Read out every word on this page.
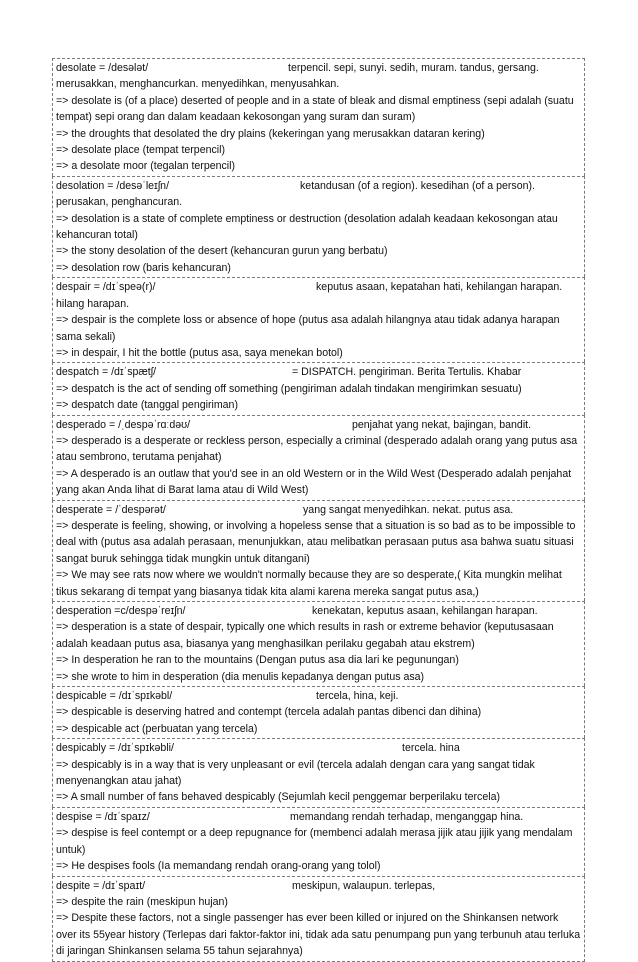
desolate = /desələt/	terpencil. sepi, sunyi. sedih, muram. tandus, gersang.
merusakkan, menghancurkan. menyedihkan, menyusahkan.

=> desolate is (of a place) deserted of people and in a state of bleak and dismal emptiness (sepi adalah (suatu tempat) sepi orang dan dalam keadaan kekosongan yang suram dan suram)

=> the droughts that desolated the dry plains (kekeringan yang merusakkan dataran kering)

=> desolate place (tempat terpencil)

=> a desolate moor (tegalan terpencil)

desolation = /desəˈleɪʃn/	ketandusan (of a region). kesedihan (of a person).
perusakan, penghancuran.

=> desolation is a state of complete emptiness or destruction (desolation adalah keadaan kekosongan atau kehancuran total)

=> the stony desolation of the desert (kehancuran gurun yang berbatu)

=> desolation row (baris kehancuran)

despair = /dɪˈspeə(r)/	keputus asaan, kepatahan hati, kehilangan harapan.
hilang harapan.

=> despair is the complete loss or absence of hope (putus asa adalah hilangnya atau tidak adanya harapan sama sekali)

=> in despair, I hit the bottle (putus asa, saya menekan botol)

despatch = /dɪˈspætʃ/	= DISPATCH. pengiriman. Berita Tertulis. Khabar

=> despatch is the act of sending off something (pengiriman adalah tindakan mengirimkan sesuatu)

=> despatch date (tanggal pengiriman)

desperado = /ˌdespəˈrɑːdəʊ/	penjahat yang nekat, bajingan, bandit.

=> desperado is a desperate or reckless person, especially a criminal (desperado adalah orang yang putus asa atau sembrono, terutama penjahat)

=> A desperado is an outlaw that you'd see in an old Western or in the Wild West (Desperado adalah penjahat yang akan Anda lihat di Barat lama atau di Wild West)

desperate = /ˈdespərət/	yang sangat menyedihkan. nekat. putus asa.

=> desperate is feeling, showing, or involving a hopeless sense that a situation is so bad as to be impossible to deal with (putus asa adalah perasaan, menunjukkan, atau melibatkan perasaan putus asa bahwa suatu situasi sangat buruk sehingga tidak mungkin untuk ditangani)

=> We may see rats now where we wouldn't normally because they are so desperate,( Kita mungkin melihat tikus sekarang di tempat yang biasanya tidak kita alami karena mereka sangat putus asa,)

desperation =c/despəˈreɪʃn/	kenekatan, keputus asaan, kehilangan harapan.

=> desperation is a state of despair, typically one which results in rash or extreme behavior (keputusasaan adalah keadaan putus asa, biasanya yang menghasilkan perilaku gegabah atau ekstrem)

=> In desperation he ran to the mountains (Dengan putus asa dia lari ke pegunungan)

=> she wrote to him in desperation (dia menulis kepadanya dengan putus asa)

despicable = /dɪˈspɪkəbl/	tercela, hina, keji.

=> despicable is deserving hatred and contempt (tercela adalah pantas dibenci dan dihina)

=> despicable act (perbuatan yang tercela)

despicably = /dɪˈspɪkəbli/	tercela. hina

=> despicably is in a way that is very unpleasant or evil (tercela adalah dengan cara yang sangat tidak menyenangkan atau jahat)

=> A small number of fans behaved despicably (Sejumlah kecil penggemar berperilaku tercela)

despise = /dɪˈspaɪz/	memandang rendah terhadap, menganggap hina.

=> despise is feel contempt or a deep repugnance for (membenci adalah merasa jijik atau jijik yang mendalam untuk)

=> He despises fools (Ia memandang rendah orang-orang yang tolol)

despite = /dɪˈspaɪt/	meskipun, walaupun. terlepas,

=> despite the rain (meskipun hujan)

=> Despite these factors, not a single passenger has ever been killed or injured on the Shinkansen network over its 55year history (Terlepas dari faktor-faktor ini, tidak ada satu penumpang pun yang terbunuh atau terluka di jaringan Shinkansen selama 55 tahun sejarahnya)
